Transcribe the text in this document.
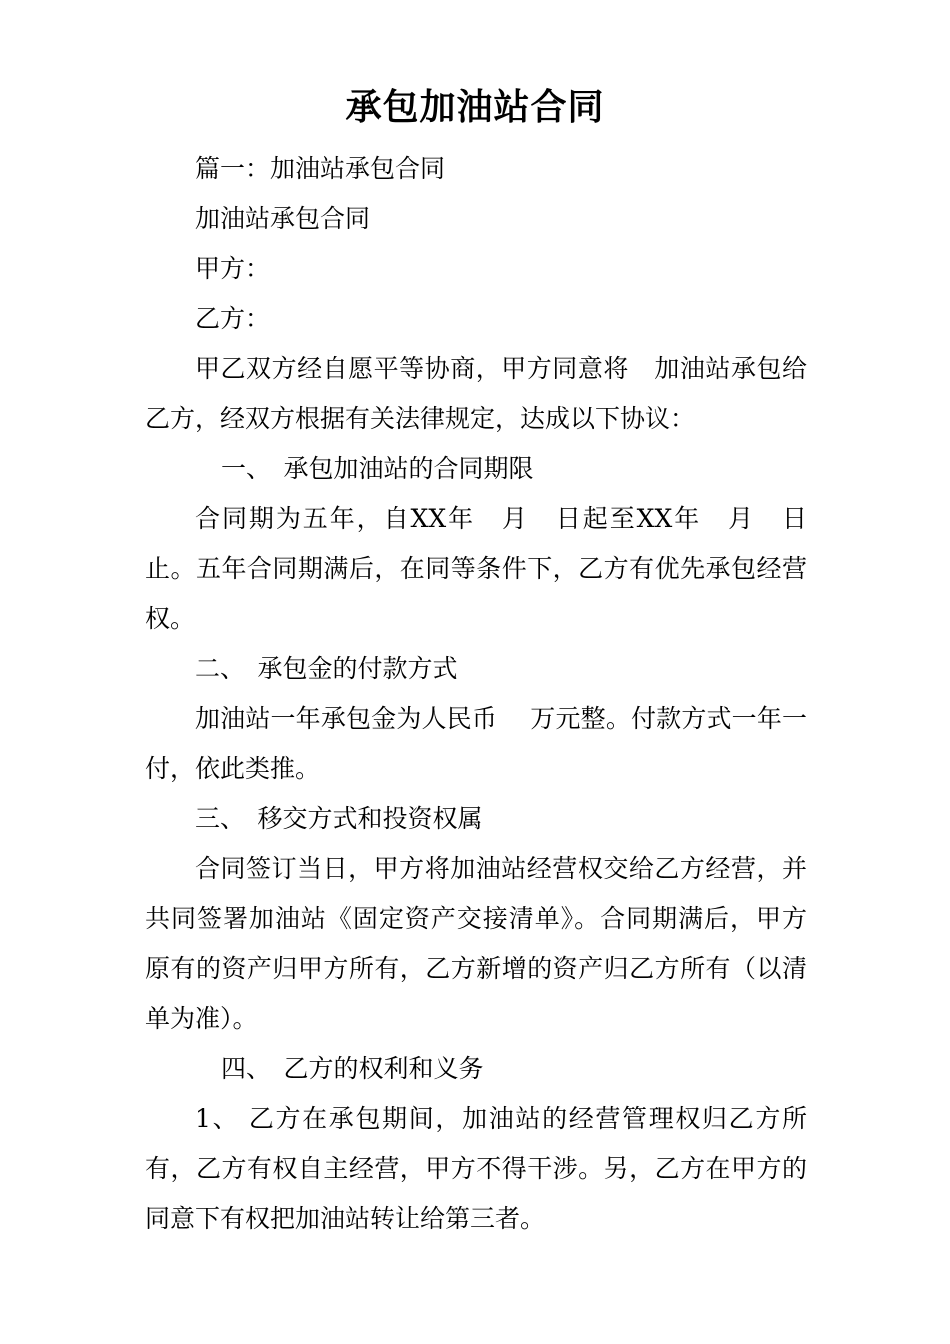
承包加油站合同

篇一：加油站承包合同

加油站承包合同

甲方：

乙方：

甲乙双方经自愿平等协商，甲方同意将　加油站承包给乙方，经双方根据有关法律规定，达成以下协议：

一、　承包加油站的合同期限

合同期为五年，自XX年　月　日起至XX年　月　日止。五年合同期满后，在同等条件下，乙方有优先承包经营权。

二、　承包金的付款方式

加油站一年承包金为人民币　 万元整。付款方式一年一付，依此类推。

三、　移交方式和投资权属

合同签订当日，甲方将加油站经营权交给乙方经营，并共同签署加油站《固定资产交接清单》。合同期满后，甲方原有的资产归甲方所有，乙方新增的资产归乙方所有（以清单为准）。

四、　乙方的权利和义务

1、 乙方在承包期间，加油站的经营管理权归乙方所有，乙方有权自主经营，甲方不得干涉。另，乙方在甲方的同意下有权把加油站转让给第三者。
